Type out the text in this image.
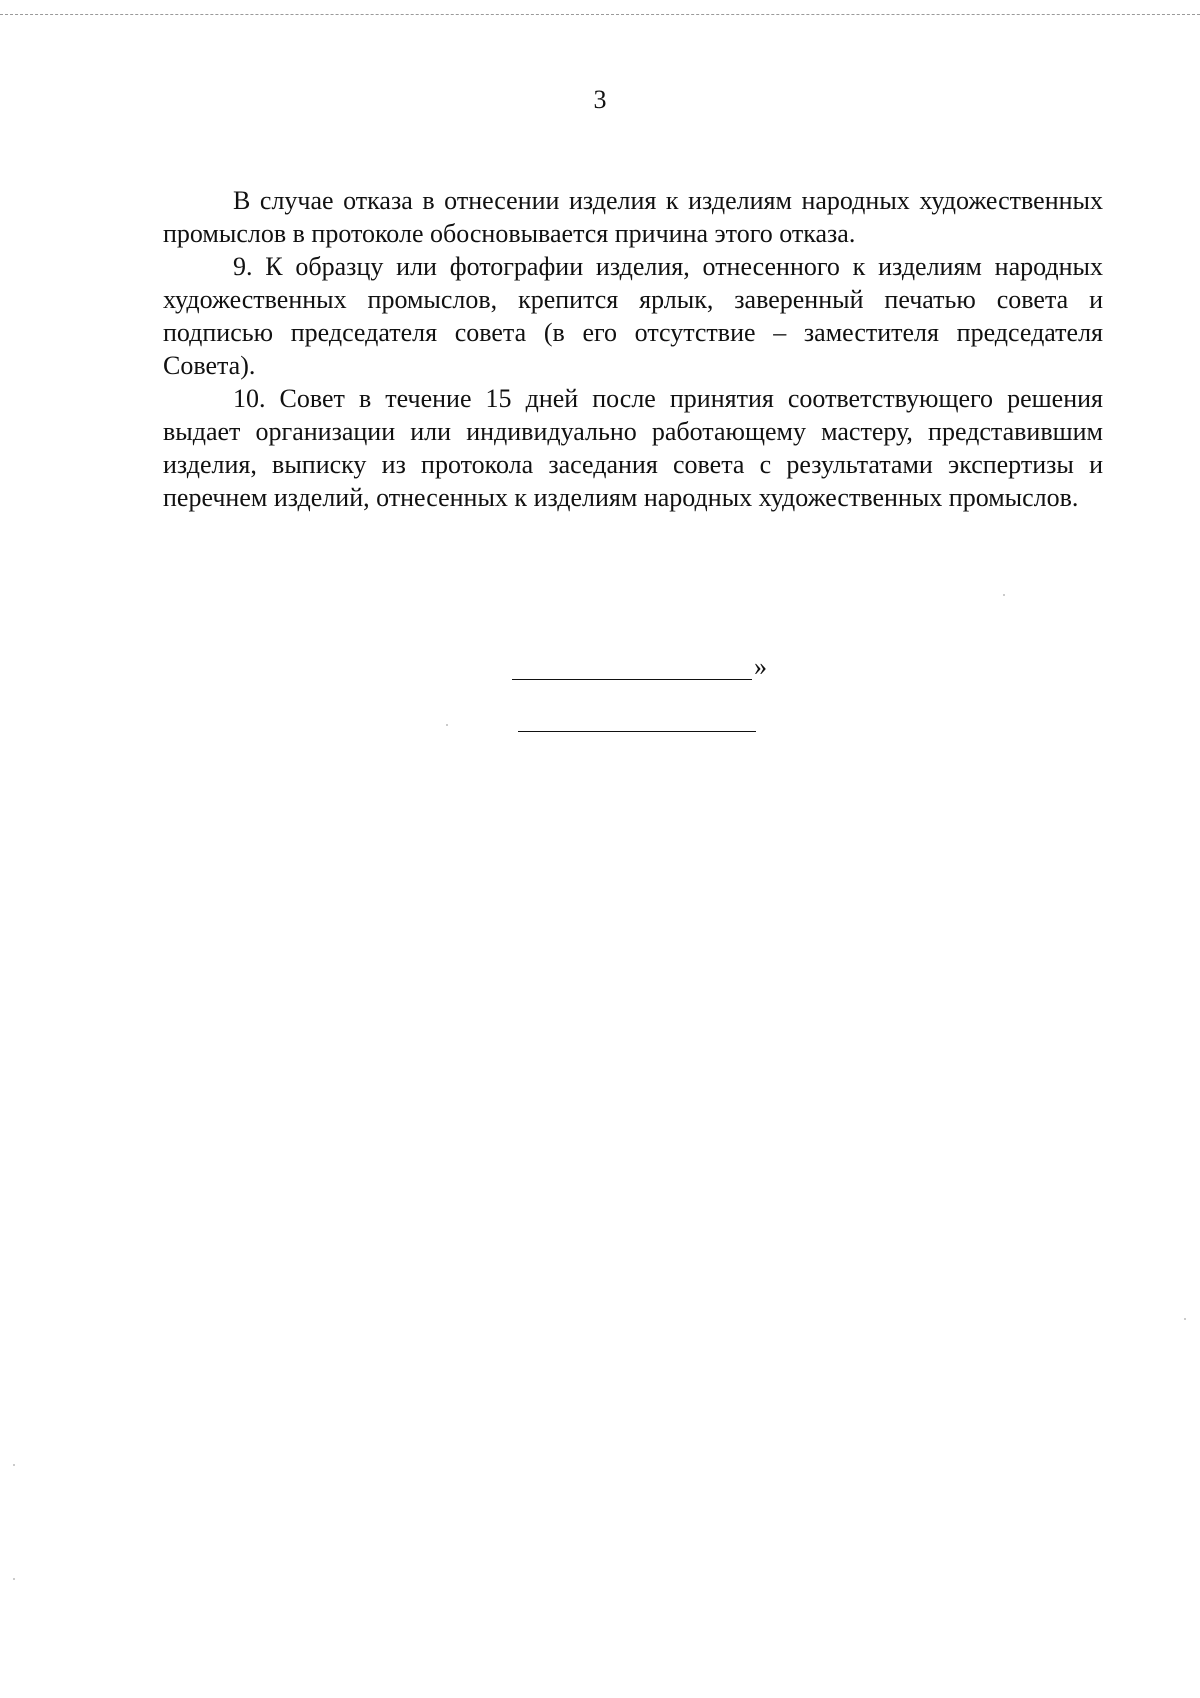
3

В случае отказа в отнесении изделия к изделиям народных художественных промыслов в протоколе обосновывается причина этого отказа.

9. К образцу или фотографии изделия, отнесенного к изделиям народных художественных промыслов, крепится ярлык, заверенный печатью совета и подписью председателя совета (в его отсутствие – заместителя председателя Совета).

10. Совет в течение 15 дней после принятия соответствующего решения выдает организации или индивидуально работающему мастеру, представившим изделия, выписку из протокола заседания совета с результатами экспертизы и перечнем изделий, отнесенных к изделиям народных художественных промыслов.

»
